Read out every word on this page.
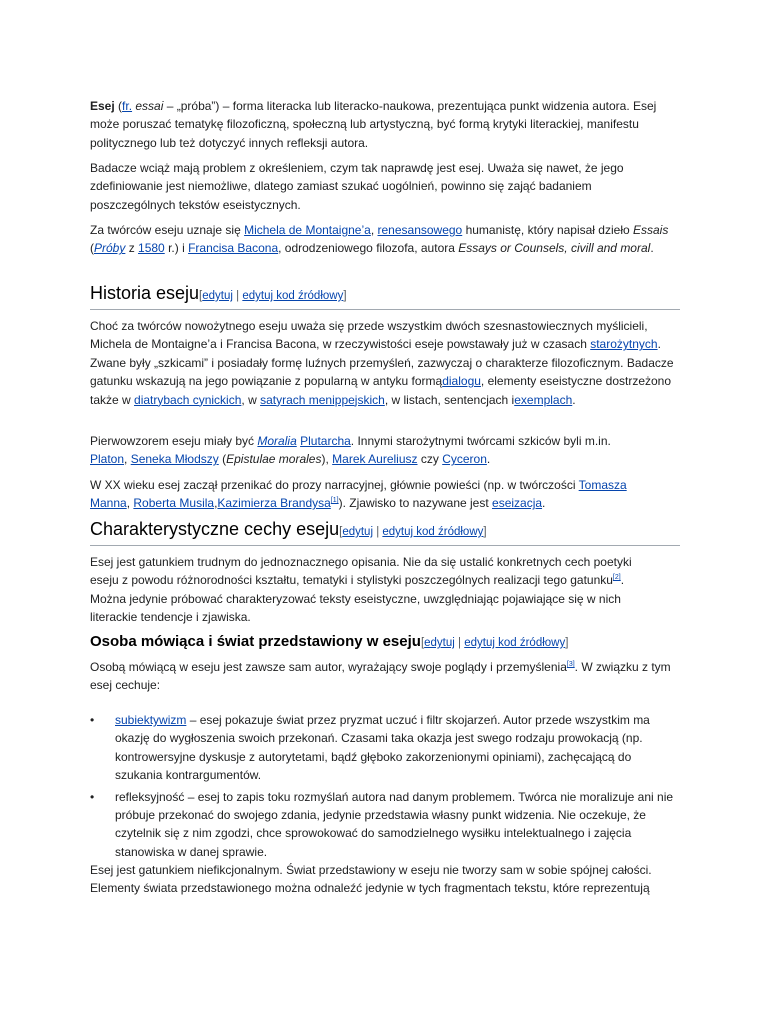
Esej (fr. essai – „próba”) – forma literacka lub literacko-naukowa, prezentująca punkt widzenia autora. Esej może poruszać tematykę filozoficzną, społeczną lub artystyczną, być formą krytyki literackiej, manifestu politycznego lub też dotyczyć innych refleksji autora.

Badacze wciąż mają problem z określeniem, czym tak naprawdę jest esej. Uważa się nawet, że jego zdefiniowanie jest niemożliwe, dlatego zamiast szukać uogólnień, powinno się zająć badaniem poszczególnych tekstów eseistycznych.

Za twórców eseju uznaje się Michela de Montaigne’a, renesansowego humanistę, który napisał dzieło Essais (Próby z 1580 r.) i Francisa Bacona, odrodzeniowego filozofa, autora Essays or Counsels, civill and moral.

Historia eseju[edytuj | edytuj kod źródłowy]

Choć za twórców nowożytnego eseju uważa się przede wszystkim dwóch szesnastowiecznych myślicieli, Michela de Montaigne’a i Francisa Bacona, w rzeczywistości eseje powstawały już w czasach starożytnych. Zwane były „szkicami” i posiadały formę luźnych przemyśleń, zazwyczaj o charakterze filozoficznym. Badacze gatunku wskazują na jego powiązanie z popularną w antyku formądialogu, elementy eseistyczne dostrzeżono także w diatrybach cynickich, w satyrach menippejskich, w listach, sentencjach iexemplach.

Pierwowzorem eseju miały być Moralia Plutarcha. Innymi starożytnymi twórcami szkiców byli m.in. Platon, Seneka Młodszy (Epistulae morales), Marek Aureliusz czy Cyceron.

W XX wieku esej zaczął przenikać do prozy narracyjnej, głównie powieści (np. w twórczości Tomasza Manna, Roberta Musila,Kazimierza Brandysa[1]). Zjawisko to nazywane jest eseizacja.

Charakterystyczne cechy eseju[edytuj | edytuj kod źródłowy]

Esej jest gatunkiem trudnym do jednoznacznego opisania. Nie da się ustalić konkretnych cech poetyki eseju z powodu różnorodności kształtu, tematyki i stylistyki poszczególnych realizacji tego gatunku[2]. Można jedynie próbować charakteryzować teksty eseistyczne, uwzględniając pojawiające się w nich literackie tendencje i zjawiska.

Osoba mówiąca i świat przedstawiony w eseju[edytuj | edytuj kod źródłowy]

Osobą mówiącą w eseju jest zawsze sam autor, wyrażający swoje poglądy i przemyślenia[3]. W związku z tym esej cechuje:

• subiektywizm – esej pokazuje świat przez pryzmat uczuć i filtr skojarzeń. Autor przede wszystkim ma okazję do wygłoszenia swoich przekonań. Czasami taka okazja jest swego rodzaju prowokacją (np. kontrowersyjne dyskusje z autorytetami, bądź głęboko zakorzenionymi opiniami), zachęcającą do szukania kontrargumentów.
• refleksyjność – esej to zapis toku rozmyślań autora nad danym problemem. Twórca nie moralizuje ani nie próbuje przekonać do swojego zdania, jedynie przedstawia własny punkt widzenia. Nie oczekuje, że czytelnik się z nim zgodzi, chce sprowokować do samodzielnego wysiłku intelektualnego i zajęcia stanowiska w danej sprawie.

Esej jest gatunkiem niefikcjonalnym. Świat przedstawiony w eseju nie tworzy sam w sobie spójnej całości. Elementy świata przedstawionego można odnaleźć jedynie w tych fragmentach tekstu, które reprezentują
